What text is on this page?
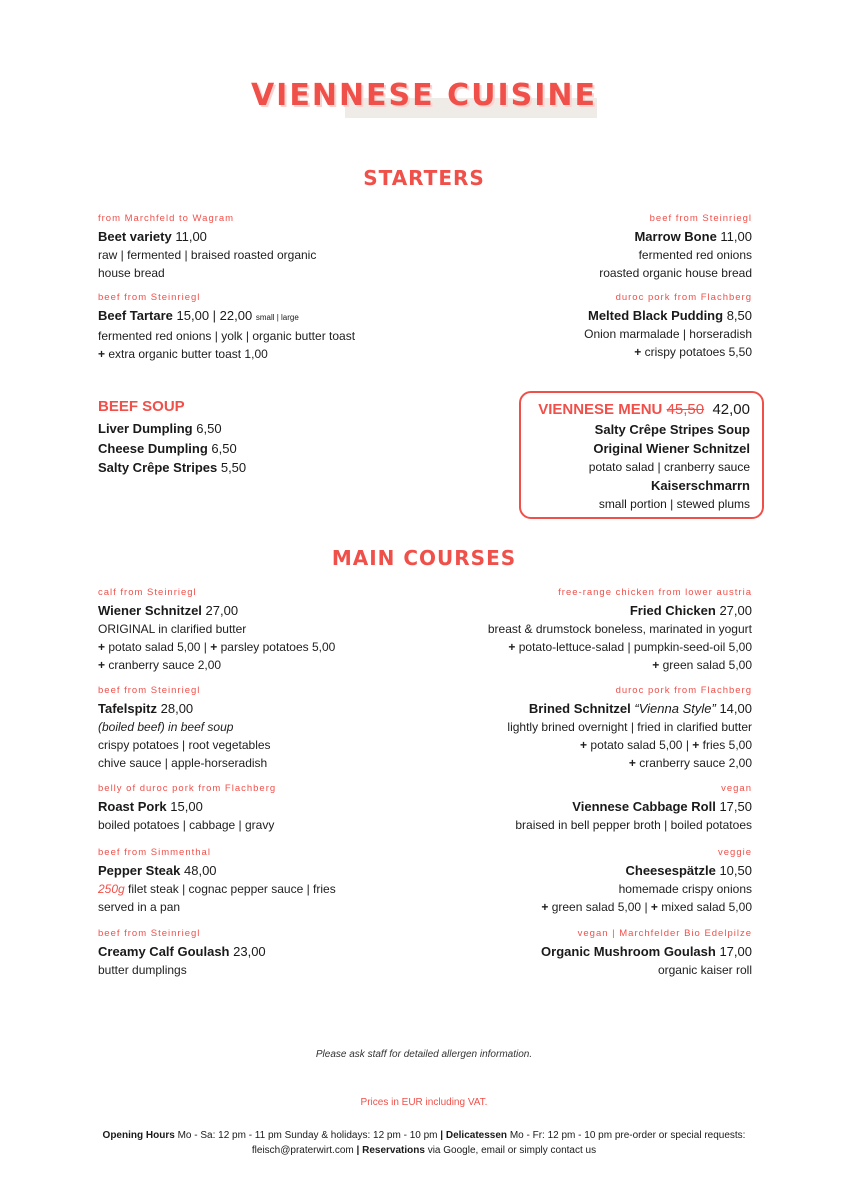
VIENNESE CUISINE
STARTERS
from Marchfeld to Wagram
Beet variety 11,00
raw | fermented | braised roasted organic
house bread
beef from Steinriegl
Beef Tartare 15,00 | 22,00 small | large
fermented red onions | yolk | organic butter toast
+ extra organic butter toast 1,00
beef from Steinriegl
Marrow Bone 11,00
fermented red onions
roasted organic house bread
duroc pork from Flachberg
Melted Black Pudding 8,50
Onion marmalade | horseradish
+ crispy potatoes 5,50
BEEF SOUP
Liver Dumpling 6,50
Cheese Dumpling 6,50
Salty Crêpe Stripes 5,50
VIENNESE MENU 45,50 42,00
Salty Crêpe Stripes Soup
Original Wiener Schnitzel
potato salad | cranberry sauce
Kaiserschmarrn
small portion | stewed plums
MAIN COURSES
calf from Steinriegl
Wiener Schnitzel 27,00
ORIGINAL in clarified butter
+ potato salad 5,00 | + parsley potatoes 5,00
+ cranberry sauce 2,00
beef from Steinriegl
Tafelspitz 28,00
(boiled beef) in beef soup
crispy potatoes | root vegetables
chive sauce | apple-horseradish
belly of duroc pork from Flachberg
Roast Pork 15,00
boiled potatoes | cabbage | gravy
beef from Simmenthal
Pepper Steak 48,00
250g filet steak | cognac pepper sauce | fries
served in a pan
beef from Steinriegl
Creamy Calf Goulash 23,00
butter dumplings
free-range chicken from lower austria
Fried Chicken 27,00
breast & drumstock boneless, marinated in yogurt
+ potato-lettuce-salad | pumpkin-seed-oil 5,00
+ green salad 5,00
duroc pork from Flachberg
Brined Schnitzel “Vienna Style” 14,00
lightly brined overnight | fried in clarified butter
+ potato salad 5,00 | + fries 5,00
+ cranberry sauce 2,00
vegan
Viennese Cabbage Roll 17,50
braised in bell pepper broth | boiled potatoes
veggie
Cheesespätzle 10,50
homemade crispy onions
+ green salad 5,00 | + mixed salad 5,00
vegan | Marchfelder Bio Edelpilze
Organic Mushroom Goulash 17,00
organic kaiser roll
Please ask staff for detailed allergen information.
Prices in EUR including VAT.
Opening Hours Mo - Sa: 12 pm - 11 pm Sunday & holidays: 12 pm - 10 pm | Delicatessen Mo - Fr: 12 pm - 10 pm pre-order or special requests:
fleisch@praterwirt.com | Reservations via Google, email or simply contact us
